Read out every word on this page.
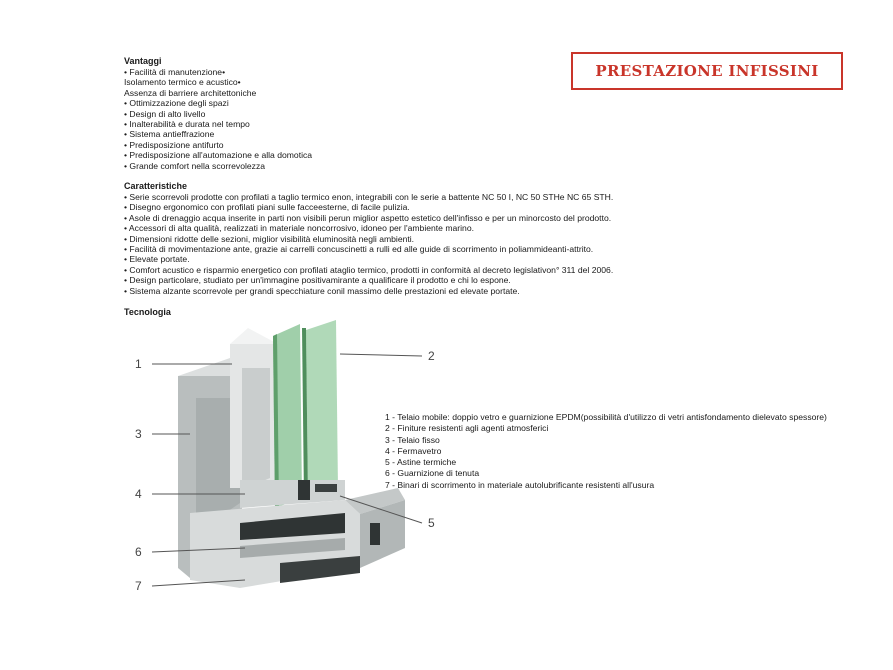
PRESTAZIONE INFISSINI
Vantaggi
• Facilità di manutenzione•
Isolamento termico e acustico•
Assenza di barriere architettoniche
• Ottimizzazione degli spazi
• Design di alto livello
• Inalterabilità e durata nel tempo
• Sistema antieffrazione
• Predisposizione antifurto
• Predisposizione all'automazione e alla domotica
• Grande comfort nella scorrevolezza
Caratteristiche
• Serie scorrevoli prodotte con profilati a taglio termico enon, integrabili con le serie a battente NC 50 I, NC 50 STHe NC 65 STH.
• Disegno ergonomico con profilati piani sulle facceesterne, di facile pulizia.
• Asole di drenaggio acqua inserite in parti non visibili perun miglior aspetto estetico dell'infisso e per un minorcosto del prodotto.
• Accessori di alta qualità, realizzati in materiale noncorrosivo, idoneo per l'ambiente marino.
• Dimensioni ridotte delle sezioni, miglior visibilità eluminosità negli ambienti.
• Facilità di movimentazione ante, grazie ai carrelli concuscinetti a rulli ed alle guide di scorrimento in poliammideanti-attrito.
• Elevate portate.
• Comfort acustico e risparmio energetico con profilati ataglio termico, prodotti in conformità al decreto legislativon° 311 del 2006.
• Design particolare, studiato per un'immagine positivamirante a qualificare il prodotto e chi lo espone.
• Sistema alzante scorrevole per grandi specchiature conil massimo delle prestazioni ed elevate portate.
Tecnologia
1
2
3
4
5
6
7
1 - Telaio mobile: doppio vetro e guarnizione EPDM(possibilità d'utilizzo di vetri antisfondamento dielevato spessore)
2 - Finiture resistenti agli agenti atmosferici
3 - Telaio fisso
4 - Fermavetro
5 - Astine termiche
6 - Guarnizione di tenuta
7 - Binari di scorrimento in materiale autolubrificante resistenti all'usura
